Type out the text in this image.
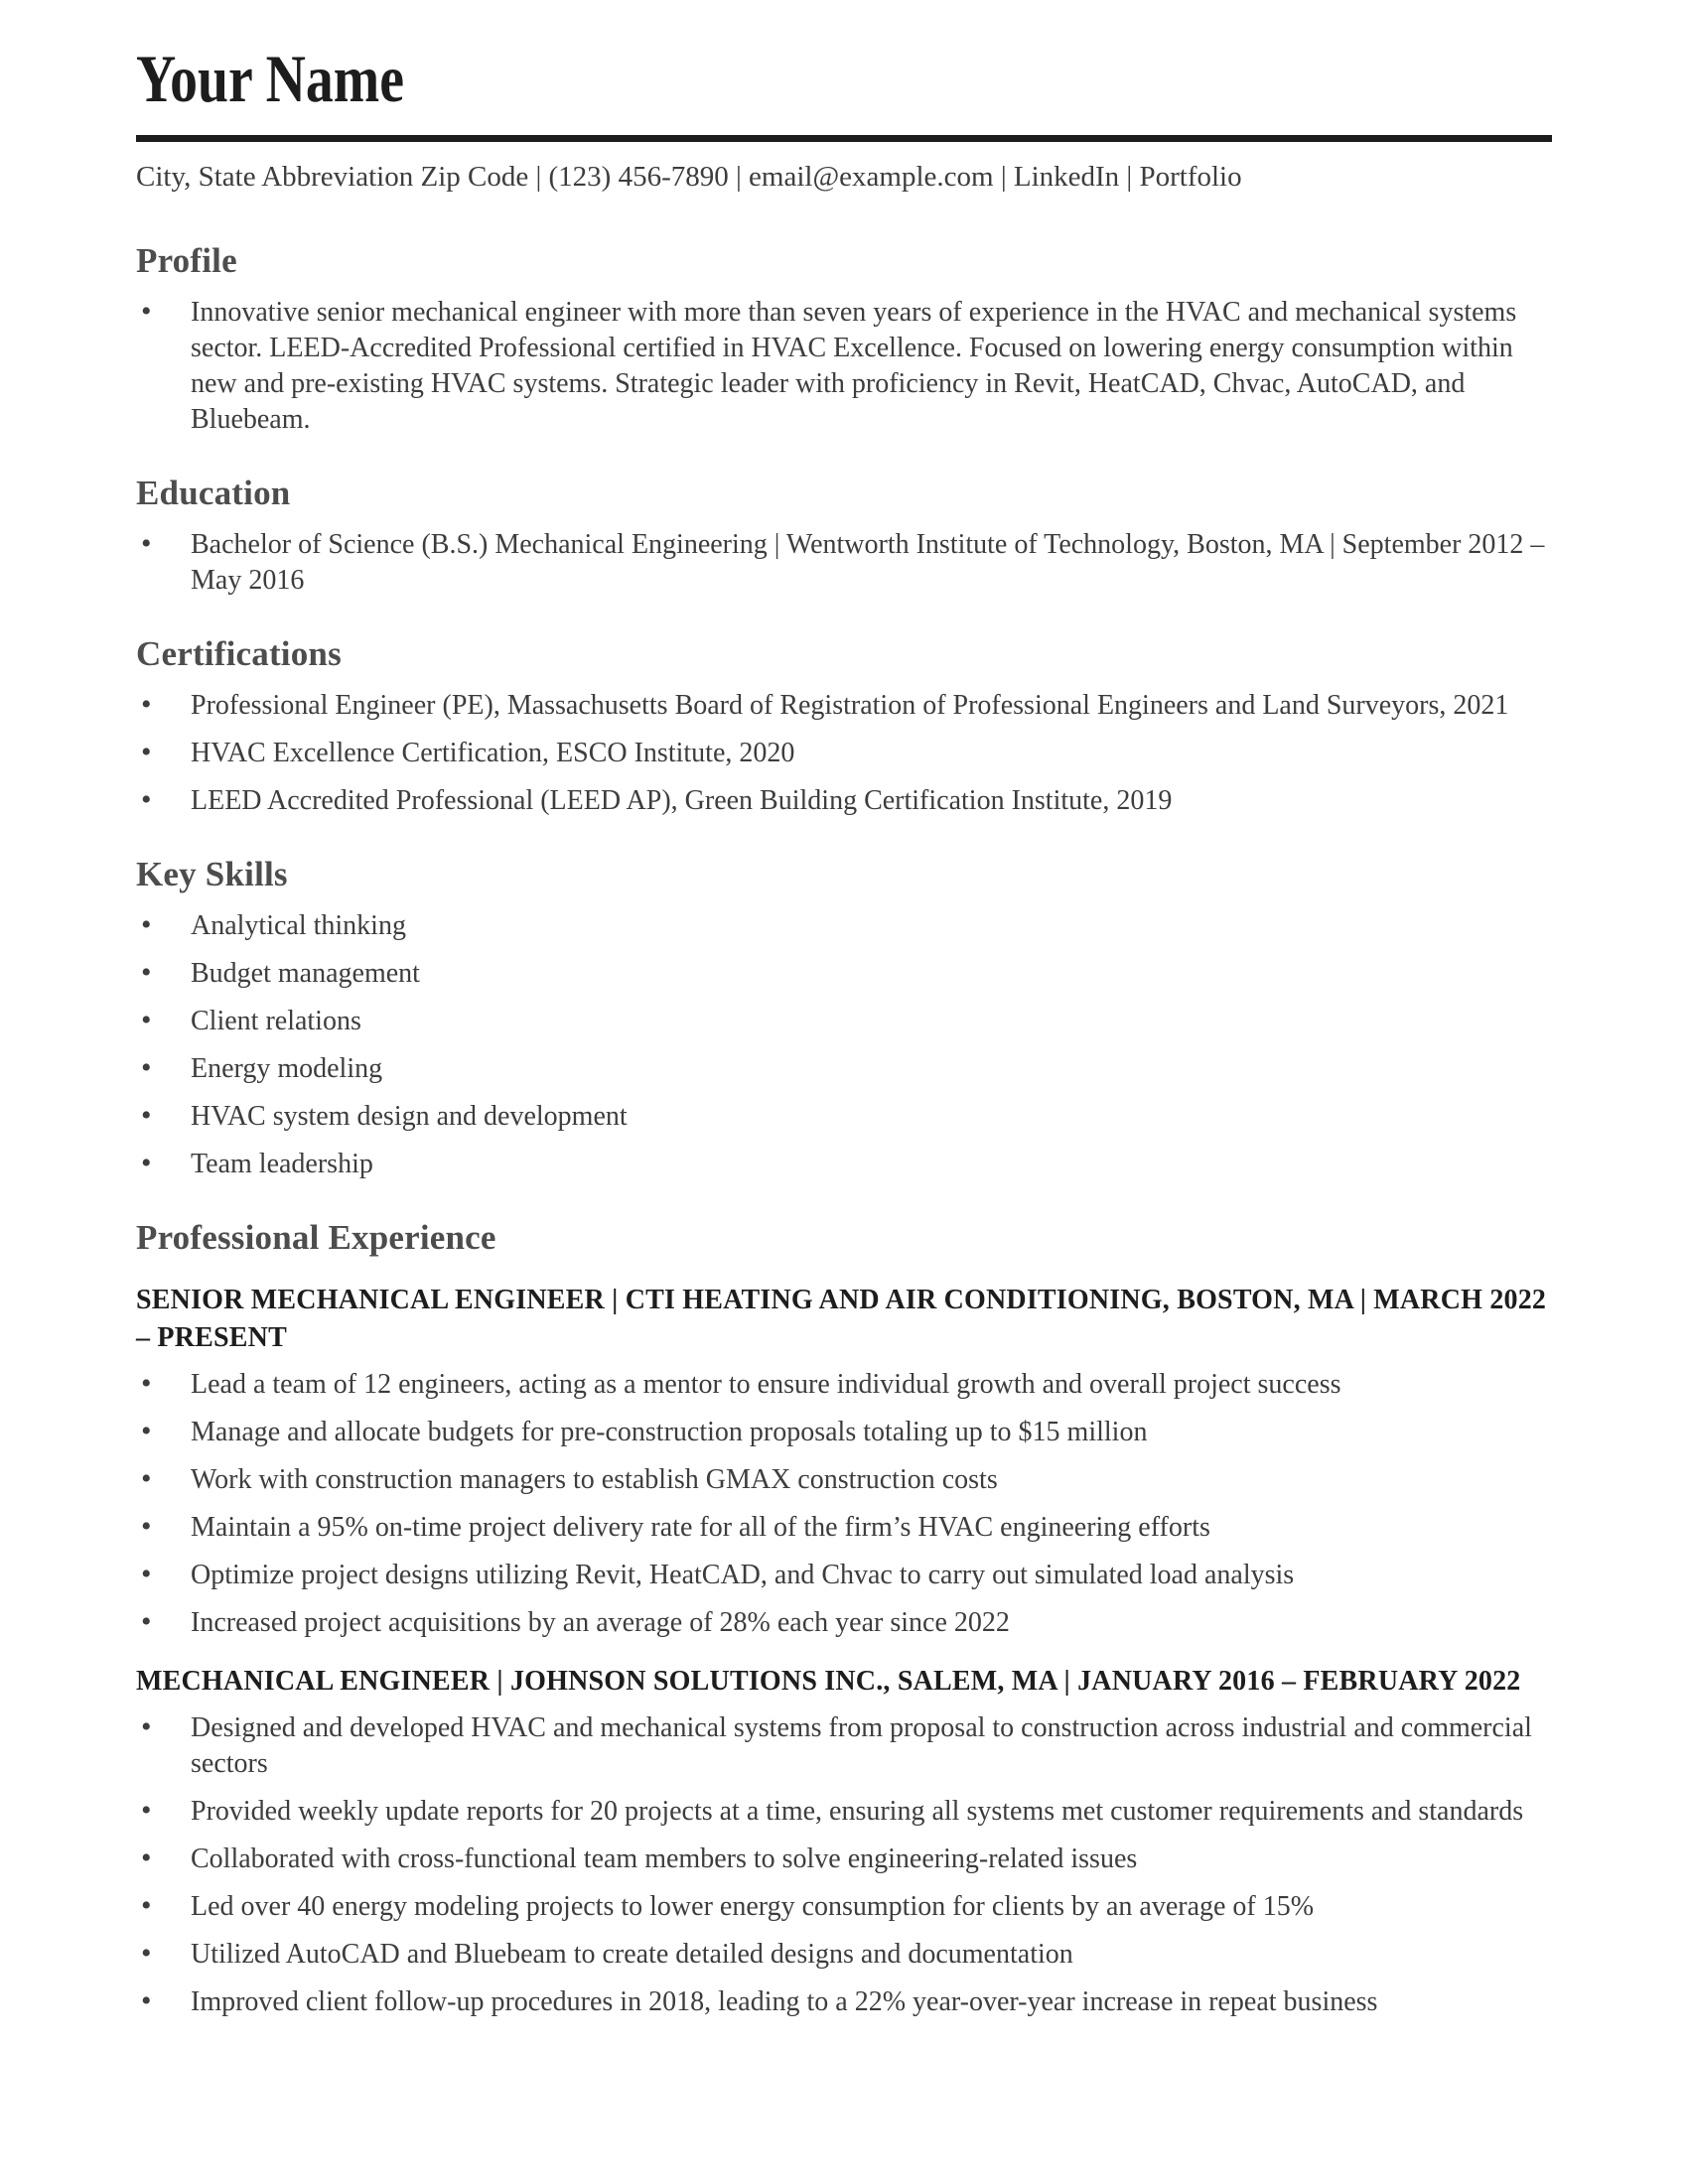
Your Name

City, State Abbreviation Zip Code | (123) 456-7890 | email@example.com | LinkedIn | Portfolio

Profile
• Innovative senior mechanical engineer with more than seven years of experience in the HVAC and mechanical systems sector. LEED-Accredited Professional certified in HVAC Excellence. Focused on lowering energy consumption within new and pre-existing HVAC systems. Strategic leader with proficiency in Revit, HeatCAD, Chvac, AutoCAD, and Bluebeam.
Education
• Bachelor of Science (B.S.) Mechanical Engineering | Wentworth Institute of Technology, Boston, MA | September 2012 – May 2016
Certifications
• Professional Engineer (PE), Massachusetts Board of Registration of Professional Engineers and Land Surveyors, 2021
• HVAC Excellence Certification, ESCO Institute, 2020
• LEED Accredited Professional (LEED AP), Green Building Certification Institute, 2019
Key Skills
• Analytical thinking
• Budget management
• Client relations
• Energy modeling
• HVAC system design and development
• Team leadership
Professional Experience
SENIOR MECHANICAL ENGINEER | CTI HEATING AND AIR CONDITIONING, BOSTON, MA | MARCH 2022 – PRESENT
• Lead a team of 12 engineers, acting as a mentor to ensure individual growth and overall project success
• Manage and allocate budgets for pre-construction proposals totaling up to $15 million
• Work with construction managers to establish GMAX construction costs
• Maintain a 95% on-time project delivery rate for all of the firm’s HVAC engineering efforts
• Optimize project designs utilizing Revit, HeatCAD, and Chvac to carry out simulated load analysis
• Increased project acquisitions by an average of 28% each year since 2022
MECHANICAL ENGINEER | JOHNSON SOLUTIONS INC., SALEM, MA | JANUARY 2016 – FEBRUARY 2022
• Designed and developed HVAC and mechanical systems from proposal to construction across industrial and commercial sectors
• Provided weekly update reports for 20 projects at a time, ensuring all systems met customer requirements and standards
• Collaborated with cross-functional team members to solve engineering-related issues
• Led over 40 energy modeling projects to lower energy consumption for clients by an average of 15%
• Utilized AutoCAD and Bluebeam to create detailed designs and documentation
• Improved client follow-up procedures in 2018, leading to a 22% year-over-year increase in repeat business
